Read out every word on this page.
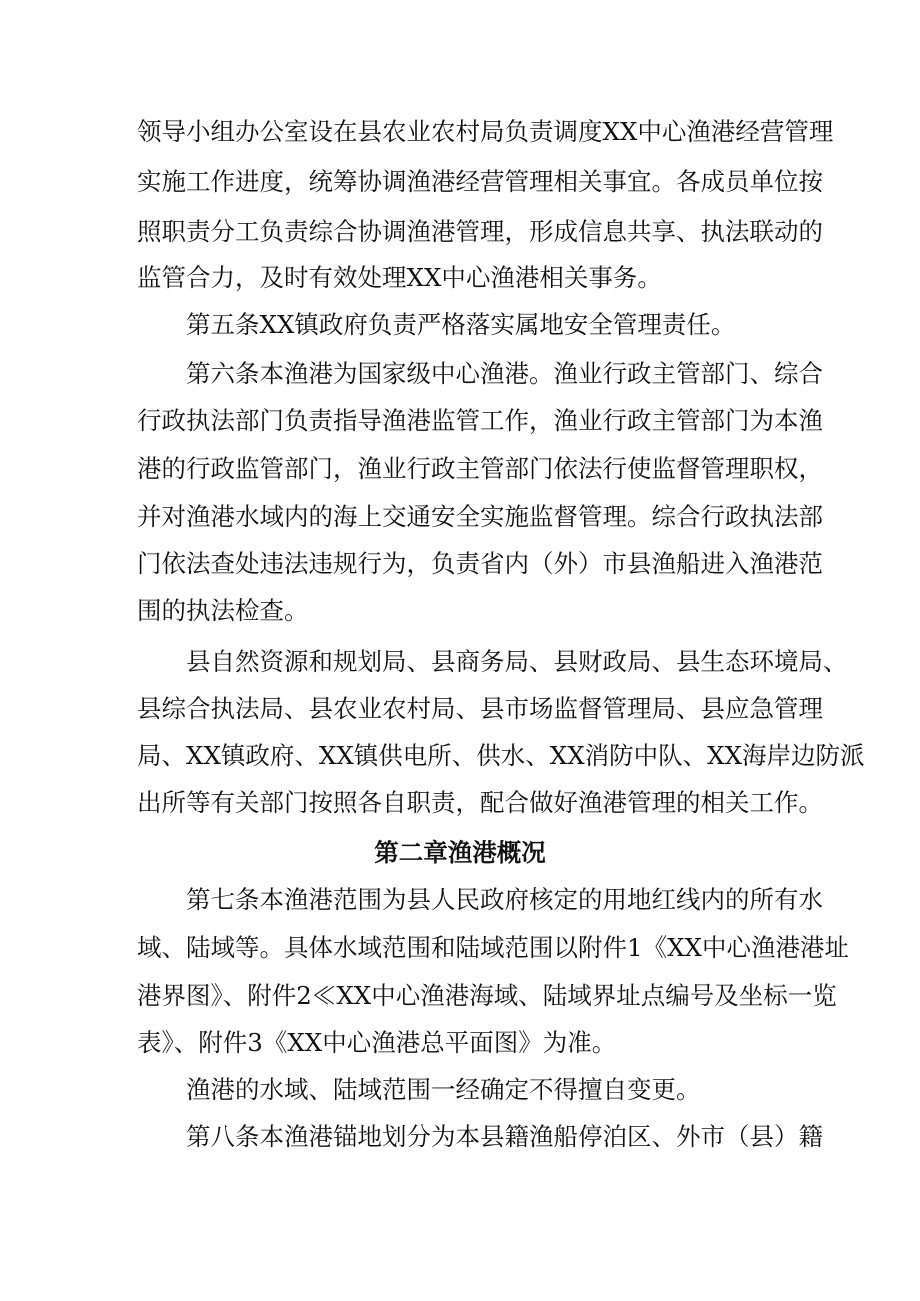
领导小组办公室设在县农业农村局负责调度XX中心渔港经营管理
实施工作进度，统筹协调渔港经营管理相关事宜。各成员单位按
照职责分工负责综合协调渔港管理，形成信息共享、执法联动的
监管合力，及时有效处理XX中心渔港相关事务。
第五条XX镇政府负责严格落实属地安全管理责任。
第六条本渔港为国家级中心渔港。渔业行政主管部门、综合
行政执法部门负责指导渔港监管工作，渔业行政主管部门为本渔
港的行政监管部门，渔业行政主管部门依法行使监督管理职权，
并对渔港水域内的海上交通安全实施监督管理。综合行政执法部
门依法查处违法违规行为，负责省内（外）市县渔船进入渔港范
围的执法检查。
县自然资源和规划局、县商务局、县财政局、县生态环境局、
县综合执法局、县农业农村局、县市场监督管理局、县应急管理
局、XX镇政府、XX镇供电所、供水、XX消防中队、XX海岸边防派
出所等有关部门按照各自职责，配合做好渔港管理的相关工作。
第二章渔港概况
第七条本渔港范围为县人民政府核定的用地红线内的所有水
域、陆域等。具体水域范围和陆域范围以附件1《XX中心渔港港址
港界图》、附件2≪XX中心渔港海域、陆域界址点编号及坐标一览
表》、附件3《XX中心渔港总平面图》为准。
渔港的水域、陆域范围一经确定不得擅自变更。
第八条本渔港锚地划分为本县籍渔船停泊区、外市（县）籍
